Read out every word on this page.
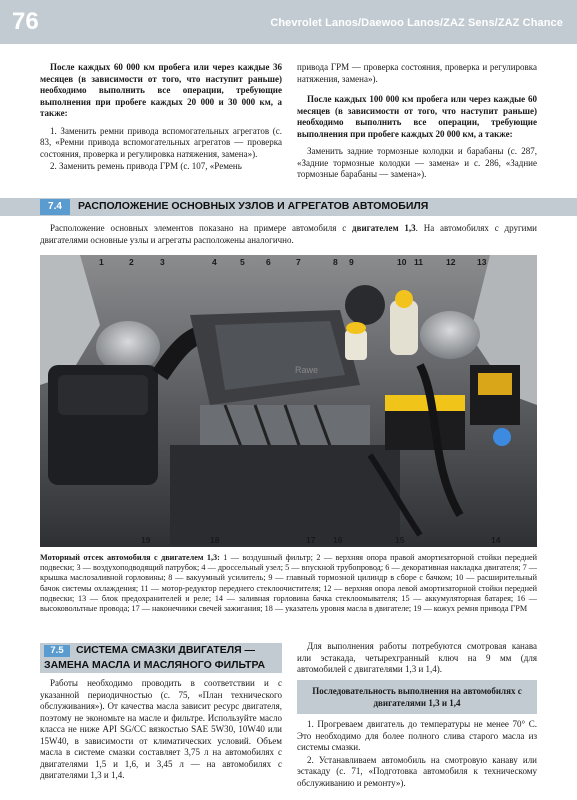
76	Chevrolet Lanos/Daewoo Lanos/ZAZ Sens/ZAZ Chance

После каждых 60 000 км пробега или через каждые 36 месяцев (в зависимости от того, что наступит раньше) необходимо выполнить все операции, требующие выполнения при пробеге каждых 20 000 и 30 000 км, а также:

1. Заменить ремни привода вспомогательных агрегатов (с. 83, «Ремни привода вспомогательных агрегатов — проверка состояния, проверка и регулировка натяжения, замена»).

2. Заменить ремень привода ГРМ (с. 107, «Ремень

привода ГРМ — проверка состояния, проверка и регулировка натяжения, замена»).

После каждых 100 000 км пробега или через каждые 60 месяцев (в зависимости от того, что наступит раньше) необходимо выполнить все операции, требующие выполнения при пробеге каждых 20 000 км, а также:

Заменить задние тормозные колодки и барабаны (с. 287, «Задние тормозные колодки — замена» и с. 286, «Задние тормозные барабаны — замена»).

7.4	РАСПОЛОЖЕНИЕ ОСНОВНЫХ УЗЛОВ И АГРЕГАТОВ АВТОМОБИЛЯ

Расположение основных элементов показано на примере автомобиля с двигателем 1,3. На автомобилях с другими двигателями основные узлы и агрегаты расположены аналогично.

Rawe
1	2	3	4	5	6	7	8 9	10 11	12	13
19	18	17 16	15	14
Моторный отсек автомобиля с двигателем 1,3: 1 — воздушный фильтр; 2 — верхняя опора правой амортизаторной стойки передней подвески; 3 — воздухоподводящий патрубок; 4 — дроссельный узел; 5 — впускной трубопровод; 6 — декоративная накладка двигателя; 7 — крышка маслозаливной горловины; 8 — вакуумный усилитель; 9 — главный тормозной цилиндр в сборе с бачком; 10 — расширительный бачок системы охлаждения; 11 — мотор-редуктор переднего стеклоочистителя; 12 — верхняя опора левой амортизаторной стойки передней подвески; 13 — блок предохранителей и реле; 14 — заливная горловина бачка стеклоомывателя; 15 — аккумуляторная батарея; 16 — высоковольтные провода; 17 — наконечники свечей зажигания; 18 — указатель уровня масла в двигателе; 19 — кожух ремня привода ГРМ
7.5	СИСТЕМА СМАЗКИ ДВИГАТЕЛЯ —
ЗАМЕНА МАСЛА И МАСЛЯНОГО ФИЛЬТРА

Работы необходимо проводить в соответствии и с указанной периодичностью (с. 75, «План технического обслуживания»). От качества масла зависит ресурс двигателя, поэтому не экономьте на масле и фильтре. Используйте масло класса не ниже API SG/CC вязкостью SAE 5W30, 10W40 или 15W40, в зависимости от климатических условий. Объем масла в системе смазки составляет 3,75 л на автомобилях с двигателями 1,5 и 1,6, и 3,45 л — на автомобилях с двигателями 1,3 и 1,4.

Для выполнения работы потребуются смотровая канава или эстакада, четырехгранный ключ на 9 мм (для автомобилей с двигателями 1,3 и 1,4).

Последовательность выполнения на автомобилях с двигателями 1,3 и 1,4

1. Прогреваем двигатель до температуры не менее 70° С. Это необходимо для более полного слива старого масла из системы смазки.

2. Устанавливаем автомобиль на смотровую канаву или эстакаду (с. 71, «Подготовка автомобиля к техническому обслуживанию и ремонту»).
